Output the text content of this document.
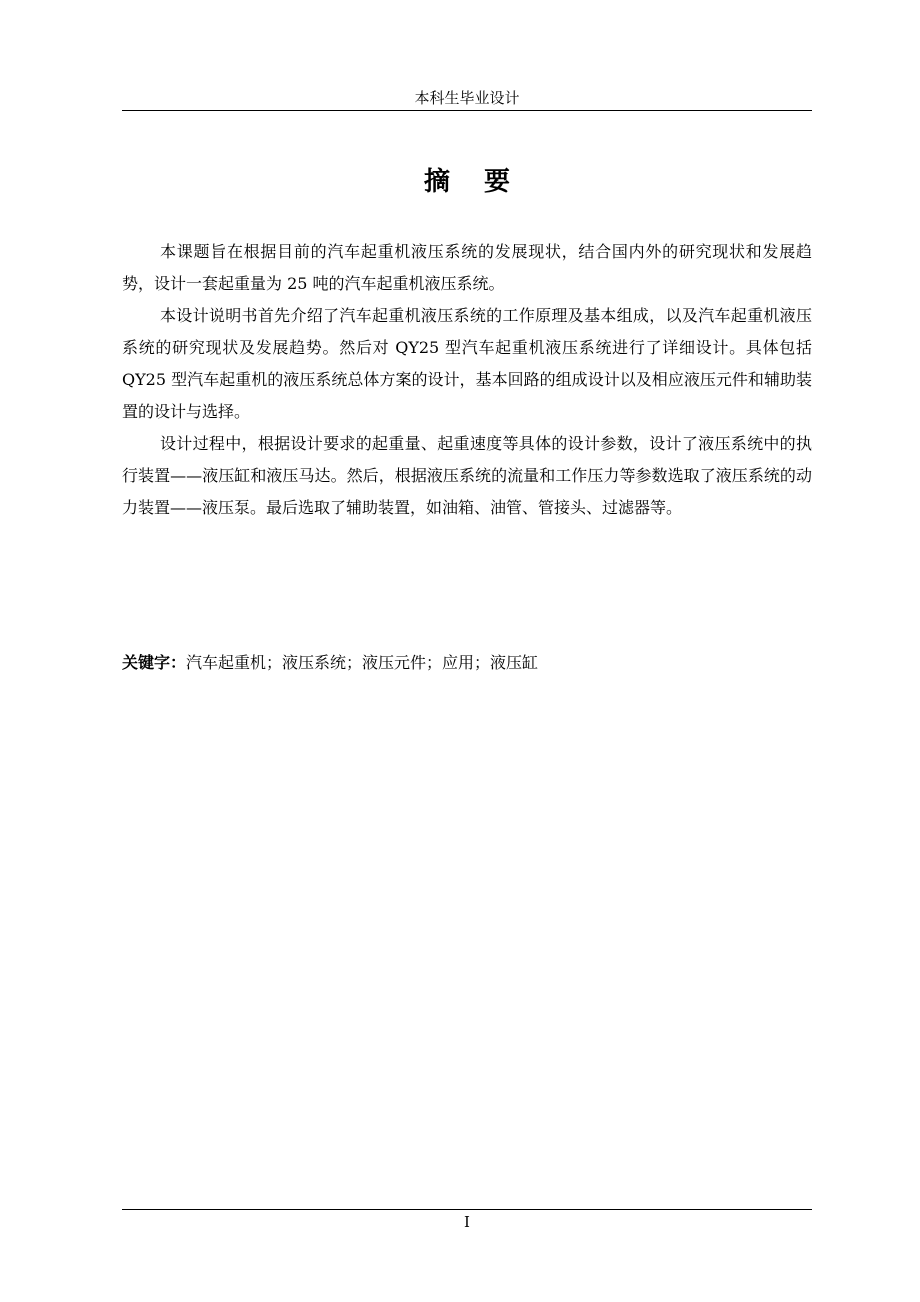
本科生毕业设计
摘要

本课题旨在根据目前的汽车起重机液压系统的发展现状，结合国内外的研究现状和发展趋势，设计一套起重量为 25 吨的汽车起重机液压系统。

本设计说明书首先介绍了汽车起重机液压系统的工作原理及基本组成，以及汽车起重机液压系统的研究现状及发展趋势。然后对 QY25 型汽车起重机液压系统进行了详细设计。具体包括 QY25 型汽车起重机的液压系统总体方案的设计，基本回路的组成设计以及相应液压元件和辅助装置的设计与选择。

设计过程中，根据设计要求的起重量、起重速度等具体的设计参数，设计了液压系统中的执行装置——液压缸和液压马达。然后，根据液压系统的流量和工作压力等参数选取了液压系统的动力装置——液压泵。最后选取了辅助装置，如油箱、油管、管接头、过滤器等。

关键字：汽车起重机；液压系统；液压元件；应用；液压缸
I
